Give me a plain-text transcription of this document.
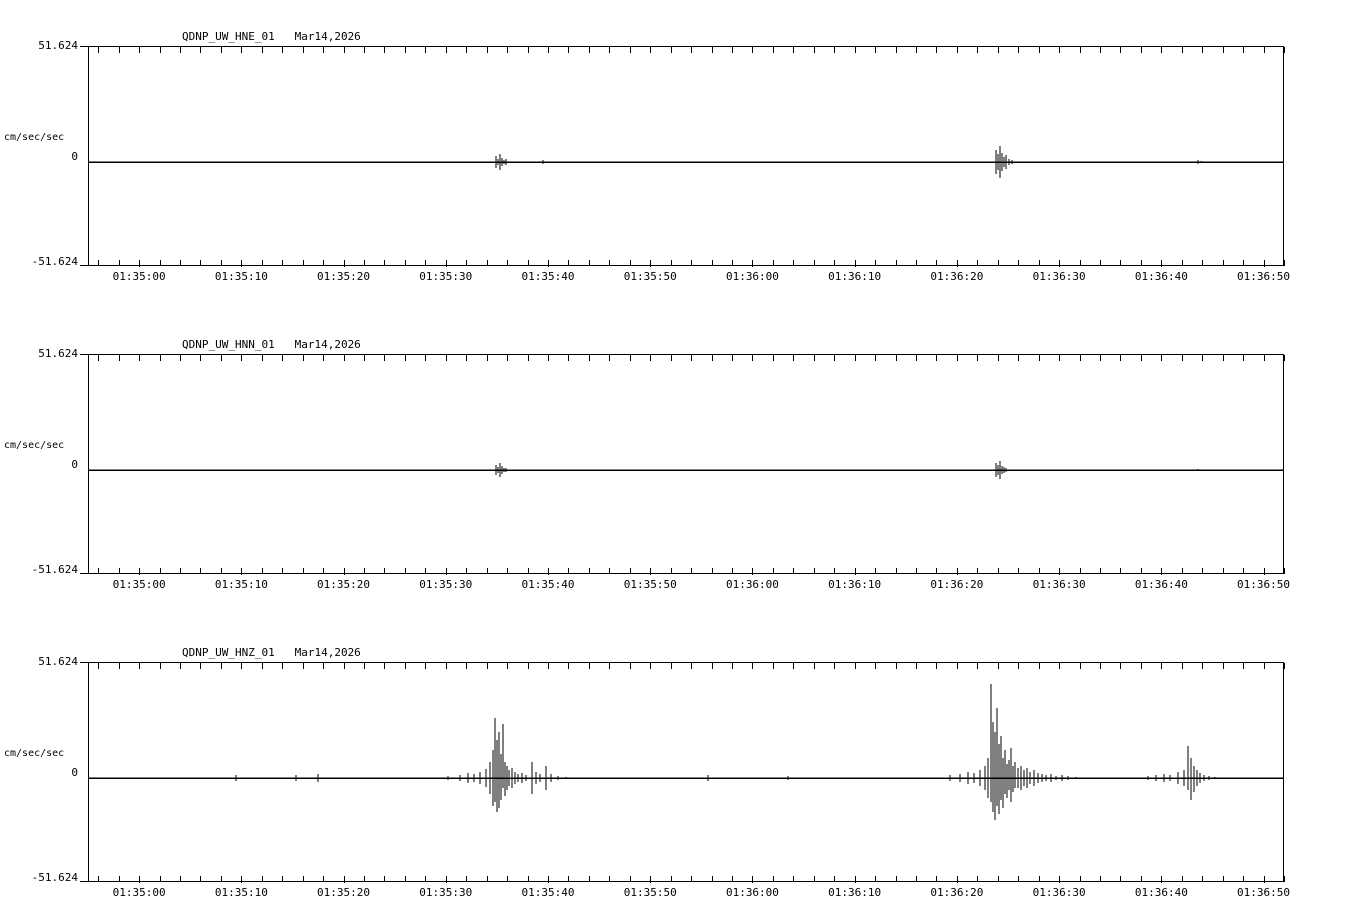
QDNP_UW_HNE_01   Mar14,2026
cm/sec/sec
51.624
0
-51.624
01:35:00	01:35:10	01:35:20	01:35:30	01:35:40	01:35:50	01:36:00	01:36:10	01:36:20	01:36:30	01:36:40	01:36:50
QDNP_UW_HNN_01   Mar14,2026
cm/sec/sec
51.624
0
-51.624
01:35:00	01:35:10	01:35:20	01:35:30	01:35:40	01:35:50	01:36:00	01:36:10	01:36:20	01:36:30	01:36:40	01:36:50
QDNP_UW_HNZ_01   Mar14,2026
cm/sec/sec
51.624
0
-51.624
01:35:00	01:35:10	01:35:20	01:35:30	01:35:40	01:35:50	01:36:00	01:36:10	01:36:20	01:36:30	01:36:40	01:36:50
